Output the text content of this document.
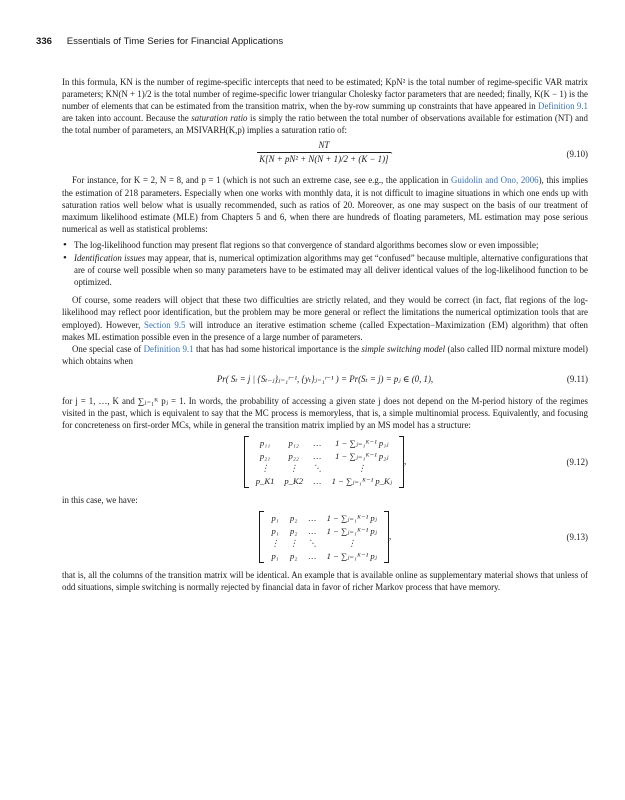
336 Essentials of Time Series for Financial Applications

In this formula, KN is the number of regime-specific intercepts that need to be estimated; KpN² is the total number of regime-specific VAR matrix parameters; KN(N + 1)/2 is the total number of regime-specific lower triangular Cholesky factor parameters that are needed; finally, K(K − 1) is the number of elements that can be estimated from the transition matrix, when the by-row summing up constraints that have appeared in Definition 9.1 are taken into account. Because the saturation ratio is simply the ratio between the total number of observations available for estimation (NT) and the total number of parameters, an MSIVARH(K,p) implies a saturation ratio of:

$\frac{NT}{\text{K[N + pN² + N(N + 1)/2 + (K − 1)]}}$ .	(9.10)

For instance, for K = 2, N = 8, and p = 1 (which is not such an extreme case, see e.g., the application in Guidolin and Ono, 2006), this implies the estimation of 218 parameters. Especially when one works with monthly data, it is not difficult to imagine situations in which one ends up with saturation ratios well below what is usually recommended, such as ratios of 20. Moreover, as one may suspect on the basis of our treatment of maximum likelihood estimate (MLE) from Chapters 5 and 6, when there are hundreds of floating parameters, ML estimation may pose serious numerical as well as statistical problems:

• The log-likelihood function may present flat regions so that convergence of standard algorithms becomes slow or even impossible;
• Identification issues may appear, that is, numerical optimization algorithms may get “confused” because multiple, alternative configurations that are of course well possible when so many parameters have to be estimated may all deliver identical values of the log-likelihood function to be optimized.

Of course, some readers will object that these two difficulties are strictly related, and they would be correct (in fact, flat regions of the log-likelihood may reflect poor identification, but the problem may be more general or reflect the limitations the numerical optimization tools that are employed). However, Section 9.5 will introduce an iterative estimation scheme (called Expectation−Maximization (EM) algorithm) that often makes ML estimation possible even in the presence of a large number of parameters.

One special case of Definition 9.1 that has had some historical importance is the simple switching model (also called IID normal mixture model) which obtains when

Pr( Sₜ = j | {Sₜ₋ⱼ}ⱼ₌₁ᵗ⁻¹, {yₜ}ⱼ₌₁ᵗ⁻¹ ) = Pr(Sₜ = j) = pⱼ ∈ (0, 1),	(9.11)

for j = 1, …, K and ∑ⱼ₌₁ᴷ pⱼ = 1. In words, the probability of accessing a given state j does not depend on the M-period history of the regimes visited in the past, which is equivalent to say that the MC process is memoryless, that is, a simple multinomial process. Equivalently, and focusing for concreteness on first-order MCs, while in general the transition matrix implied by an MS model has a structure:

p₁₁	p₁₂	…	1 − ∑ⱼ₌₁ᴷ⁻¹ p₁ⱼ
p₂₁	p₂₂	…	1 − ∑ⱼ₌₁ᴷ⁻¹ p₂ⱼ
⋮	⋮	⋱	⋮
p_K1	p_K2	…	1 − ∑ⱼ₌₁ᴷ⁻¹ p_Kⱼ
,	(9.12)

in this case, we have:

p₁	p₂	…	1 − ∑ⱼ₌₁ᴷ⁻¹ pⱼ
p₁	p₂	…	1 − ∑ⱼ₌₁ᴷ⁻¹ pⱼ
⋮	⋮	⋱	⋮
p₁	p₂	…	1 − ∑ⱼ₌₁ᴷ⁻¹ pⱼ
,	(9.13)

that is, all the columns of the transition matrix will be identical. An example that is available online as supplementary material shows that unless of odd situations, simple switching is normally rejected by financial data in favor of richer Markov process that have memory.
